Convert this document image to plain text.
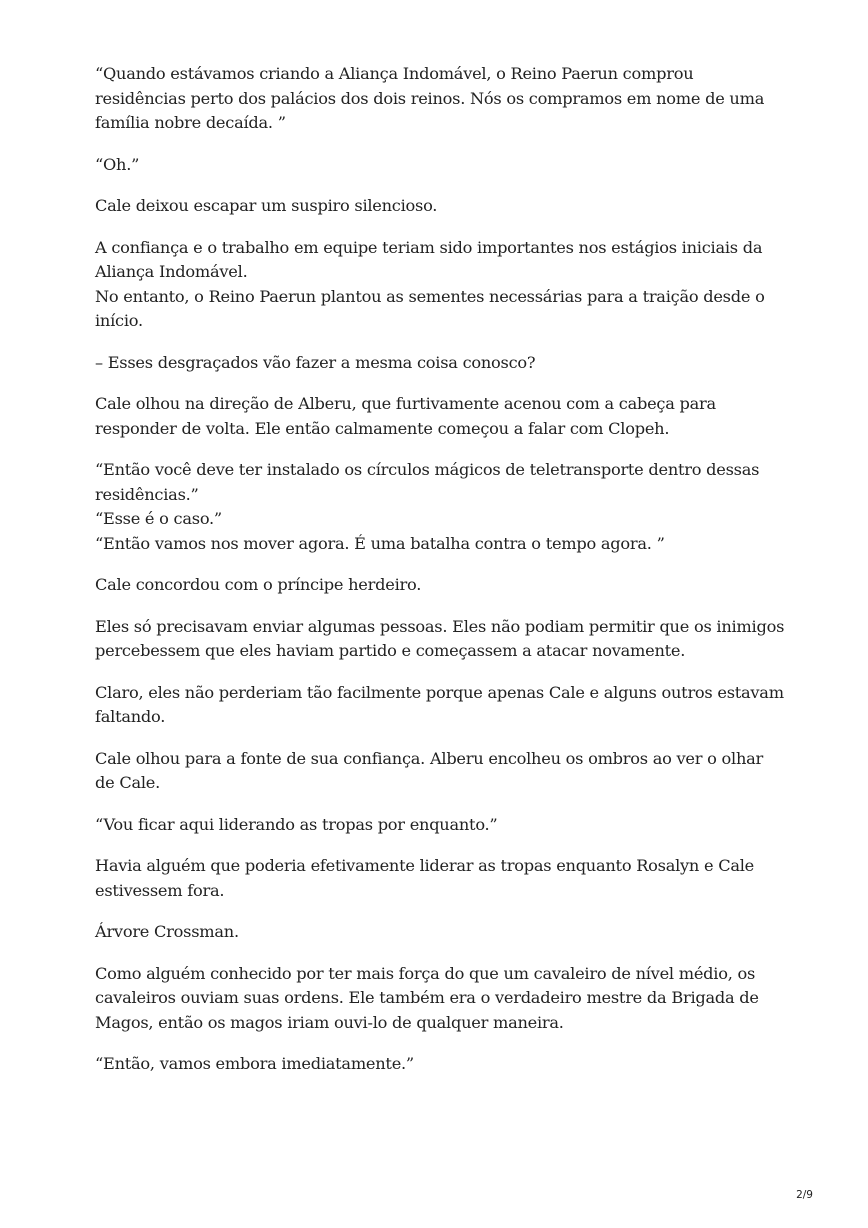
“Quando estávamos criando a Aliança Indomável, o Reino Paerun comprou residências perto dos palácios dos dois reinos. Nós os compramos em nome de uma família nobre decaída. ”

“Oh.”

Cale deixou escapar um suspiro silencioso.

A confiança e o trabalho em equipe teriam sido importantes nos estágios iniciais da Aliança Indomável.
No entanto, o Reino Paerun plantou as sementes necessárias para a traição desde o início.

– Esses desgraçados vão fazer a mesma coisa conosco?

Cale olhou na direção de Alberu, que furtivamente acenou com a cabeça para responder de volta. Ele então calmamente começou a falar com Clopeh.

“Então você deve ter instalado os círculos mágicos de teletransporte dentro dessas residências.”
“Esse é o caso.”
“Então vamos nos mover agora. É uma batalha contra o tempo agora. ”

Cale concordou com o príncipe herdeiro.

Eles só precisavam enviar algumas pessoas. Eles não podiam permitir que os inimigos percebessem que eles haviam partido e começassem a atacar novamente.

Claro, eles não perderiam tão facilmente porque apenas Cale e alguns outros estavam faltando.

Cale olhou para a fonte de sua confiança. Alberu encolheu os ombros ao ver o olhar de Cale.

“Vou ficar aqui liderando as tropas por enquanto.”

Havia alguém que poderia efetivamente liderar as tropas enquanto Rosalyn e Cale estivessem fora.

Árvore Crossman.

Como alguém conhecido por ter mais força do que um cavaleiro de nível médio, os cavaleiros ouviam suas ordens. Ele também era o verdadeiro mestre da Brigada de Magos, então os magos iriam ouvi-lo de qualquer maneira.

“Então, vamos embora imediatamente.”

2/9
